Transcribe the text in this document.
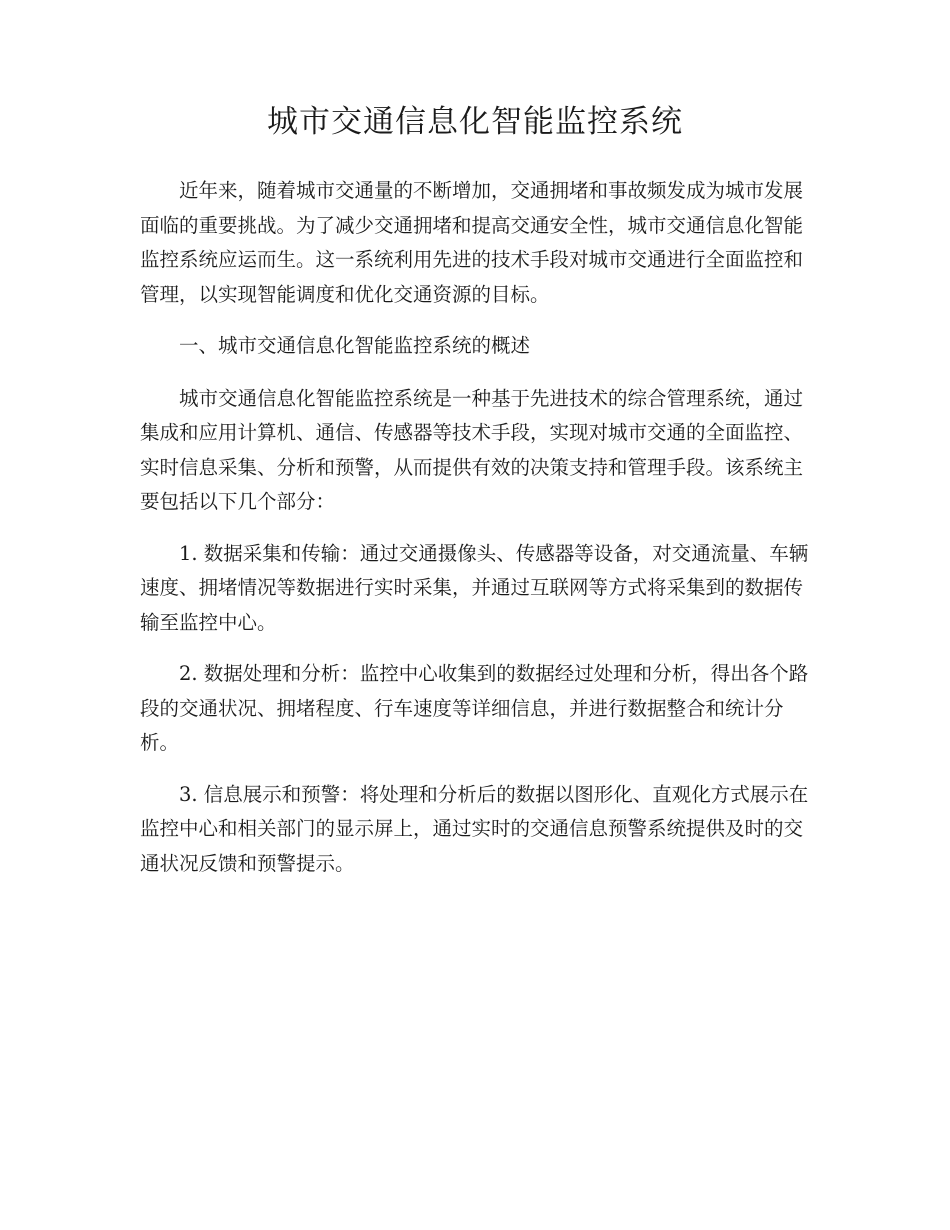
城市交通信息化智能监控系统

近年来，随着城市交通量的不断增加，交通拥堵和事故频发成为城市发展面临的重要挑战。为了减少交通拥堵和提高交通安全性，城市交通信息化智能监控系统应运而生。这一系统利用先进的技术手段对城市交通进行全面监控和管理，以实现智能调度和优化交通资源的目标。

一、城市交通信息化智能监控系统的概述

城市交通信息化智能监控系统是一种基于先进技术的综合管理系统，通过集成和应用计算机、通信、传感器等技术手段，实现对城市交通的全面监控、实时信息采集、分析和预警，从而提供有效的决策支持和管理手段。该系统主要包括以下几个部分：

1. 数据采集和传输：通过交通摄像头、传感器等设备，对交通流量、车辆速度、拥堵情况等数据进行实时采集，并通过互联网等方式将采集到的数据传输至监控中心。

2. 数据处理和分析：监控中心收集到的数据经过处理和分析，得出各个路段的交通状况、拥堵程度、行车速度等详细信息，并进行数据整合和统计分析。

3. 信息展示和预警：将处理和分析后的数据以图形化、直观化方式展示在监控中心和相关部门的显示屏上，通过实时的交通信息预警系统提供及时的交通状况反馈和预警提示。
